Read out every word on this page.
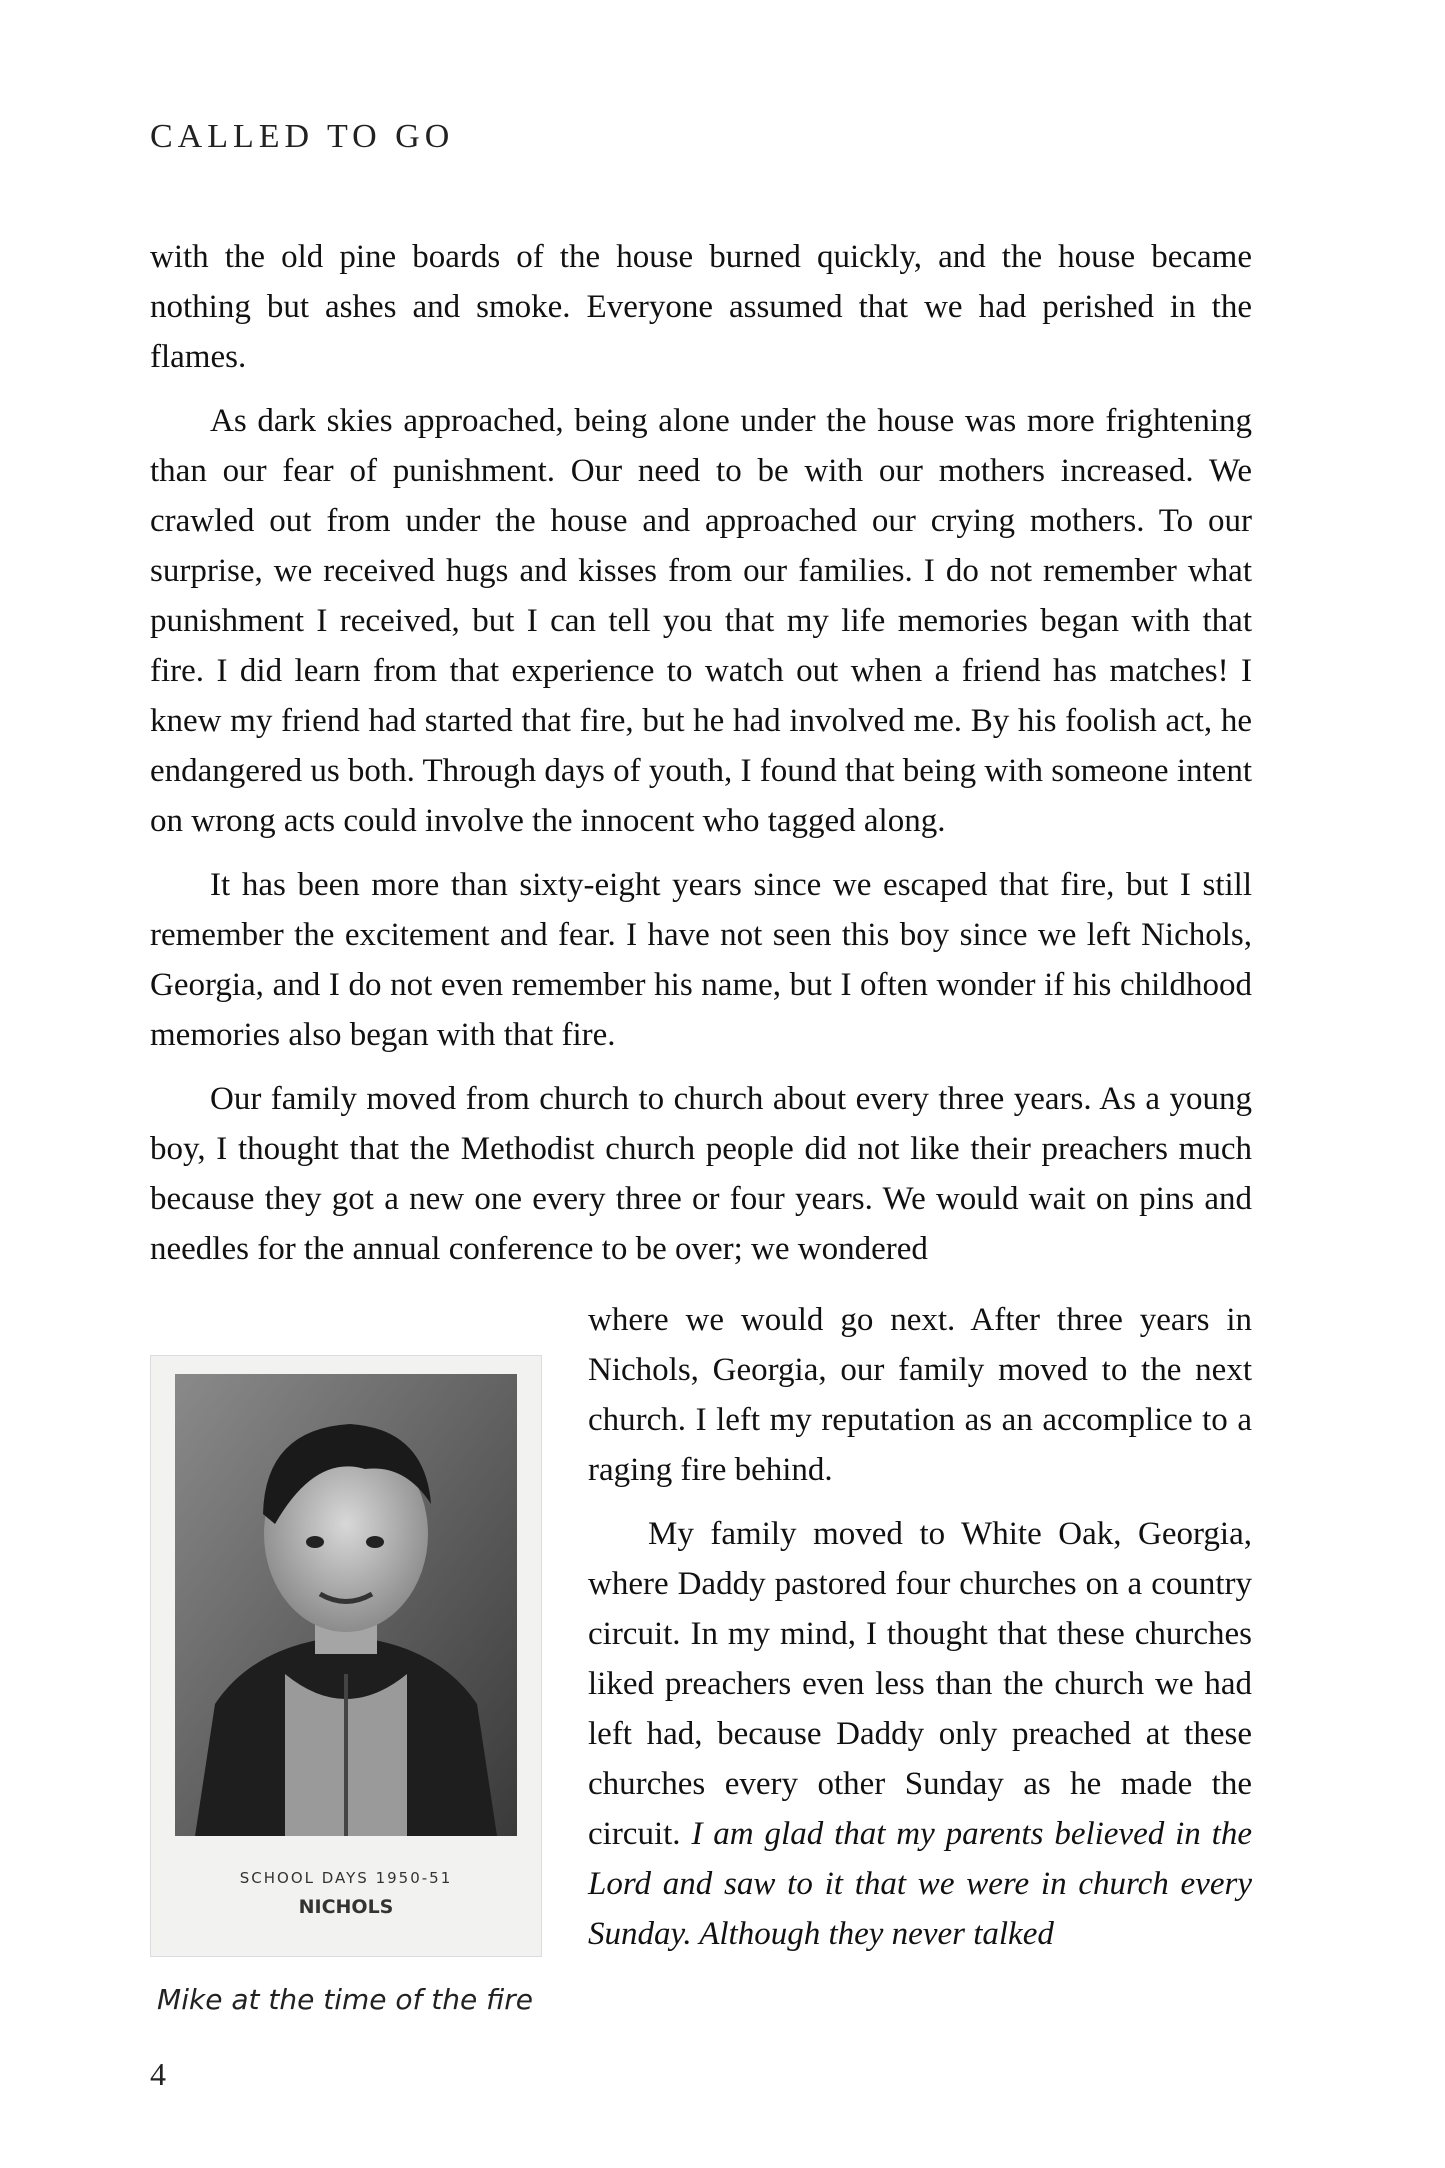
CALLED TO GO

with the old pine boards of the house burned quickly, and the house became nothing but ashes and smoke. Everyone assumed that we had perished in the flames.

As dark skies approached, being alone under the house was more frightening than our fear of punishment. Our need to be with our mothers increased. We crawled out from under the house and approached our crying mothers. To our surprise, we received hugs and kisses from our families. I do not remember what punishment I received, but I can tell you that my life memories began with that fire. I did learn from that experience to watch out when a friend has matches! I knew my friend had started that fire, but he had involved me. By his foolish act, he endangered us both. Through days of youth, I found that being with someone intent on wrong acts could involve the innocent who tagged along.

It has been more than sixty-eight years since we escaped that fire, but I still remember the excitement and fear. I have not seen this boy since we left Nichols, Georgia, and I do not even remember his name, but I often wonder if his childhood memories also began with that fire.

Our family moved from church to church about every three years. As a young boy, I thought that the Methodist church people did not like their preachers much because they got a new one every three or four years. We would wait on pins and needles for the annual conference to be over; we wondered

where we would go next. After three years in Nichols, Georgia, our family moved to the next church. I left my reputation as an accomplice to a raging fire behind.

My family moved to White Oak, Georgia, where Daddy pastored four churches on a country circuit. In my mind, I thought that these churches liked preachers even less than the church we had left had, because Daddy only preached at these churches every other Sunday as he made the circuit. I am glad that my parents believed in the Lord and saw to it that we were in church every Sunday. Although they never talked

SCHOOL DAYS 1950-51
NICHOLS
Mike at the time of the fire
4
